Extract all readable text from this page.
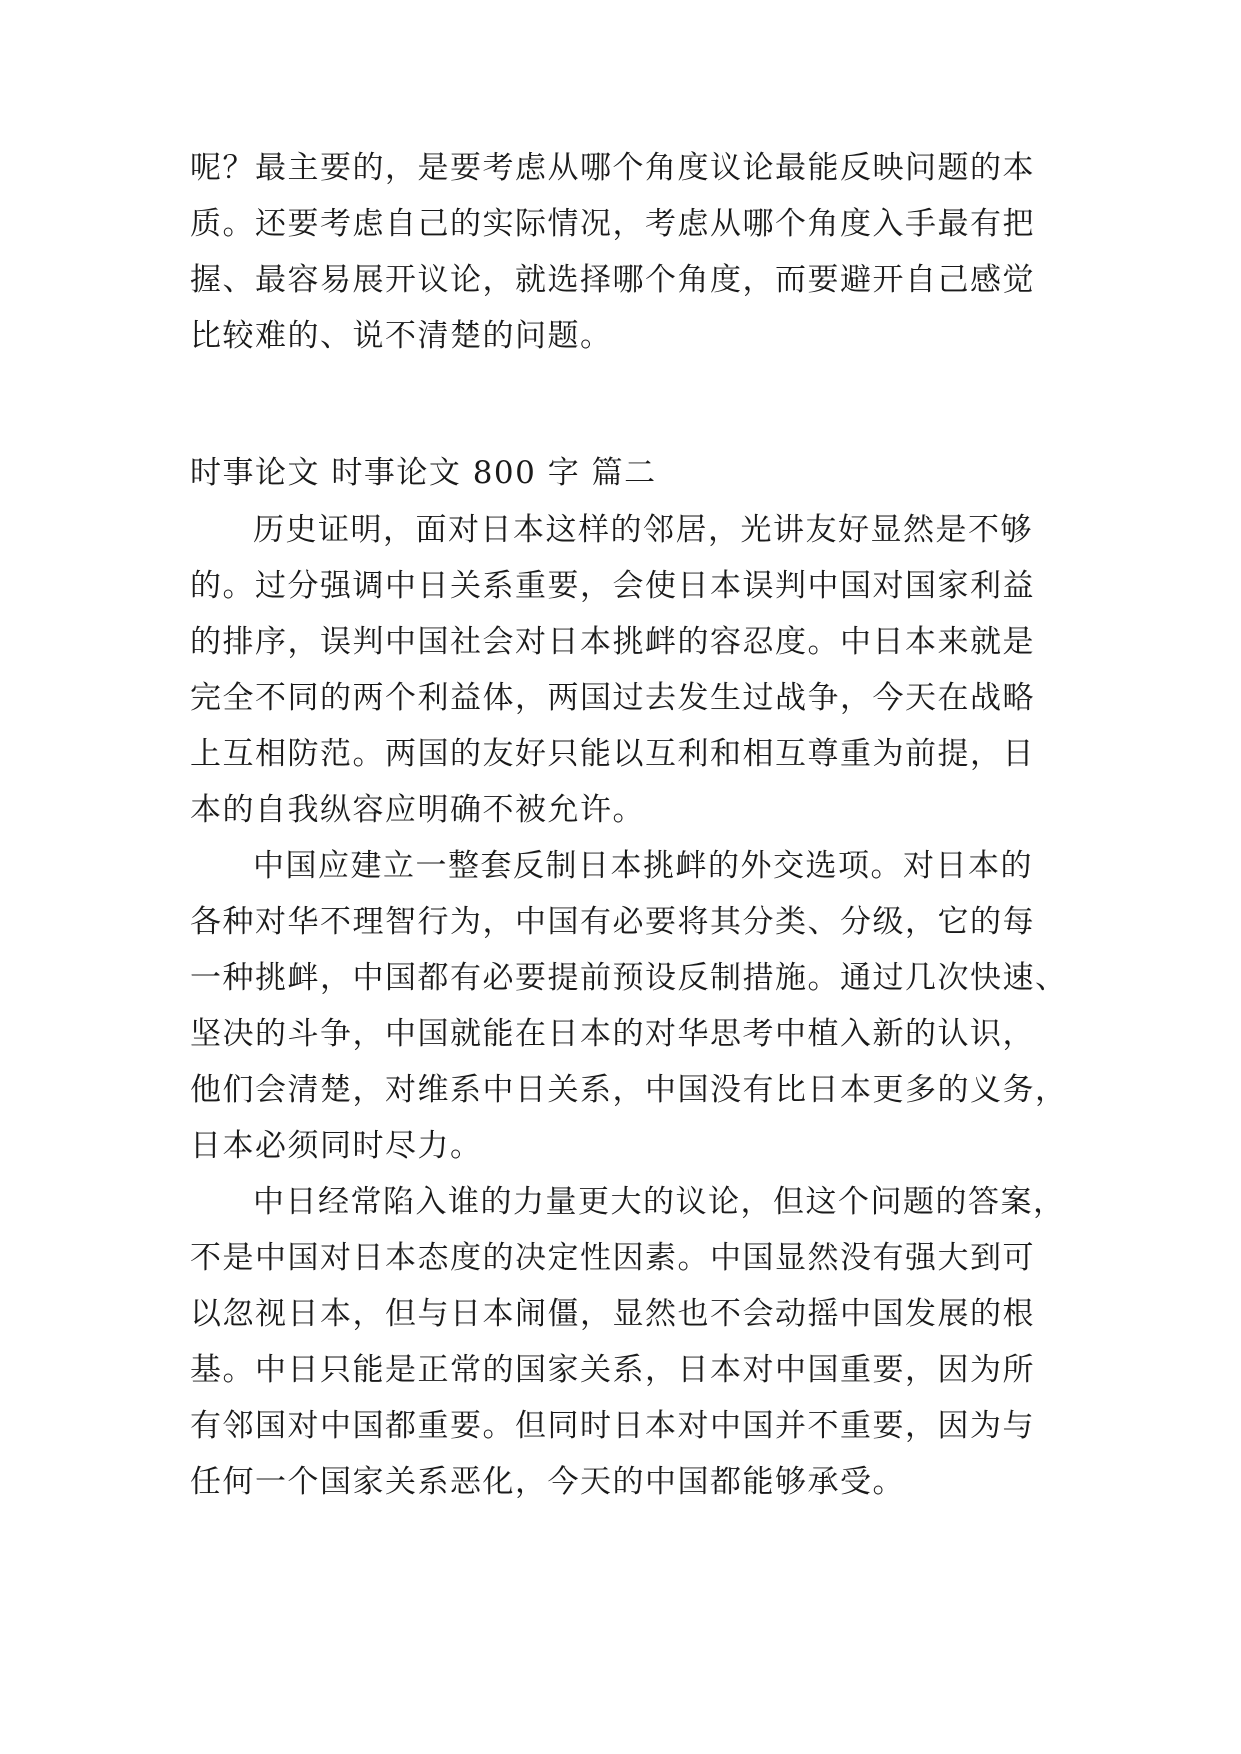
呢？最主要的，是要考虑从哪个角度议论最能反映问题的本
质。还要考虑自己的实际情况，考虑从哪个角度入手最有把
握、最容易展开议论，就选择哪个角度，而要避开自己感觉
比较难的、说不清楚的问题。
时事论文 时事论文 800 字 篇二
历史证明，面对日本这样的邻居，光讲友好显然是不够
的。过分强调中日关系重要，会使日本误判中国对国家利益
的排序，误判中国社会对日本挑衅的容忍度。中日本来就是
完全不同的两个利益体，两国过去发生过战争，今天在战略
上互相防范。两国的友好只能以互利和相互尊重为前提，日
本的自我纵容应明确不被允许。
中国应建立一整套反制日本挑衅的外交选项。对日本的
各种对华不理智行为，中国有必要将其分类、分级，它的每
一种挑衅，中国都有必要提前预设反制措施。通过几次快速、
坚决的斗争，中国就能在日本的对华思考中植入新的认识，
他们会清楚，对维系中日关系，中国没有比日本更多的义务，
日本必须同时尽力。
中日经常陷入谁的力量更大的议论，但这个问题的答案，
不是中国对日本态度的决定性因素。中国显然没有强大到可
以忽视日本，但与日本闹僵，显然也不会动摇中国发展的根
基。中日只能是正常的国家关系，日本对中国重要，因为所
有邻国对中国都重要。但同时日本对中国并不重要，因为与
任何一个国家关系恶化，今天的中国都能够承受。
